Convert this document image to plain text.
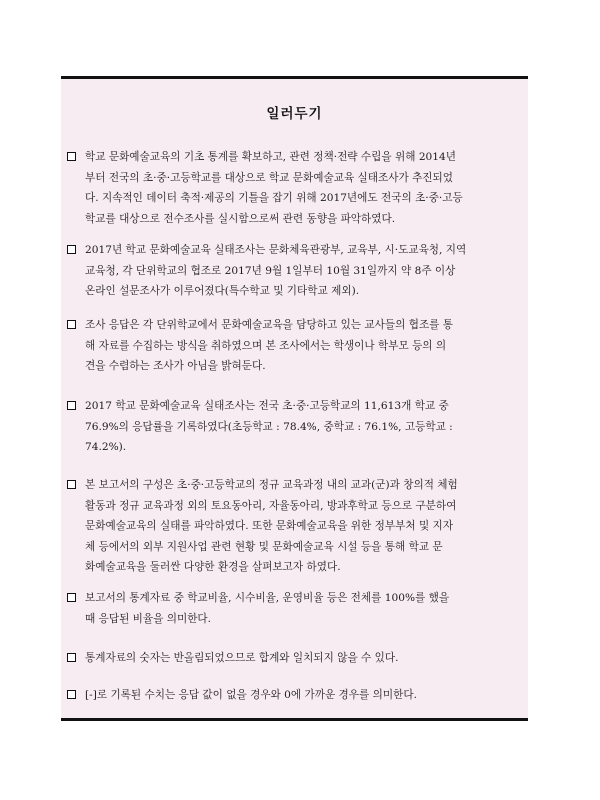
일러두기
학교 문화예술교육의 기초 통계를 확보하고, 관련 정책·전략 수립을 위해 2014년
부터 전국의 초·중·고등학교를 대상으로 학교 문화예술교육 실태조사가 추진되었
다. 지속적인 데이터 축적·제공의 기틀을 잡기 위해 2017년에도 전국의 초·중·고등
학교를 대상으로 전수조사를 실시함으로써 관련 동향을 파악하였다.
2017년 학교 문화예술교육 실태조사는 문화체육관광부, 교육부, 시·도교육청, 지역
교육청, 각 단위학교의 협조로 2017년 9월 1일부터 10월 31일까지 약 8주 이상
온라인 설문조사가 이루어졌다(특수학교 및 기타학교 제외).
조사 응답은 각 단위학교에서 문화예술교육을 담당하고 있는 교사들의 협조를 통
해 자료를 수집하는 방식을 취하였으며 본 조사에서는 학생이나 학부모 등의 의
견을 수렴하는 조사가 아님을 밝혀둔다.
2017 학교 문화예술교육 실태조사는 전국 초·중·고등학교의 11,613개 학교 중
76.9%의 응답률을 기록하였다(초등학교 : 78.4%, 중학교 : 76.1%, 고등학교 :
74.2%).
본 보고서의 구성은 초·중·고등학교의 정규 교육과정 내의 교과(군)과 창의적 체험
활동과 정규 교육과정 외의 토요동아리, 자율동아리, 방과후학교 등으로 구분하여
문화예술교육의 실태를 파악하였다. 또한 문화예술교육을 위한 정부부처 및 지자
체 등에서의 외부 지원사업 관련 현황 및 문화예술교육 시설 등을 통해 학교 문
화예술교육을 둘러싼 다양한 환경을 살펴보고자 하였다.
보고서의 통계자료 중 학교비율, 시수비율, 운영비율 등은 전체를 100%를 했을
때 응답된 비율을 의미한다.
통계자료의 숫자는 반올림되었으므로 합계와 일치되지 않을 수 있다.
[-]로 기록된 수치는 응답 값이 없을 경우와 0에 가까운 경우를 의미한다.
